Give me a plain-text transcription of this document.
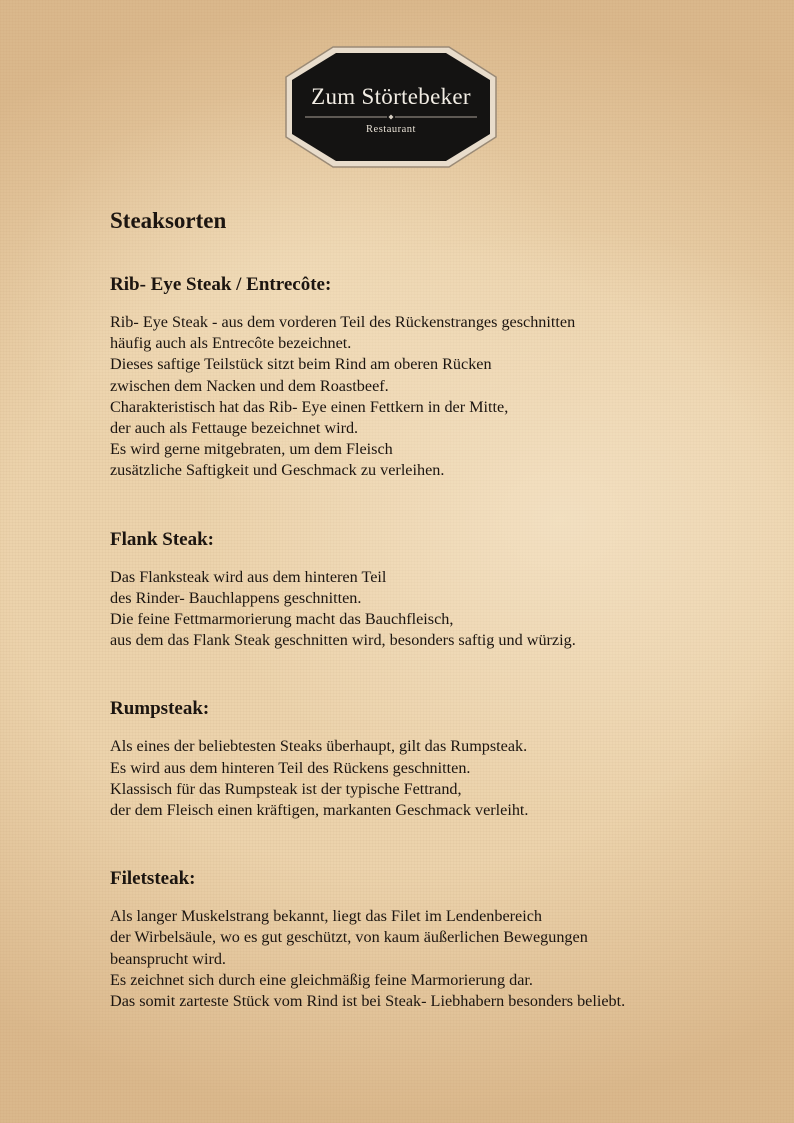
Zum Störtebeker
Restaurant
Steaksorten
Rib- Eye Steak / Entrecôte:
Rib- Eye Steak - aus dem vorderen Teil des Rückenstranges geschnitten
häufig auch als Entrecôte bezeichnet.
Dieses saftige Teilstück sitzt beim Rind am oberen Rücken
zwischen dem Nacken und dem Roastbeef.
Charakteristisch hat das Rib- Eye einen Fettkern in der Mitte,
der auch als Fettauge bezeichnet wird.
Es wird gerne mitgebraten, um dem Fleisch
zusätzliche Saftigkeit und Geschmack zu verleihen.
Flank Steak:
Das Flanksteak wird aus dem hinteren Teil
des Rinder- Bauchlappens geschnitten.
Die feine Fettmarmorierung macht das Bauchfleisch,
aus dem das Flank Steak geschnitten wird, besonders saftig und würzig.
Rumpsteak:
Als eines der beliebtesten Steaks überhaupt, gilt das Rumpsteak.
Es wird aus dem hinteren Teil des Rückens geschnitten.
Klassisch für das Rumpsteak ist der typische Fettrand,
der dem Fleisch einen kräftigen, markanten Geschmack verleiht.
Filetsteak:
Als langer Muskelstrang bekannt, liegt das Filet im Lendenbereich
der Wirbelsäule, wo es gut geschützt, von kaum äußerlichen Bewegungen
beansprucht wird.
Es zeichnet sich durch eine gleichmäßig feine Marmorierung dar.
Das somit zarteste Stück vom Rind ist bei Steak- Liebhabern besonders beliebt.
